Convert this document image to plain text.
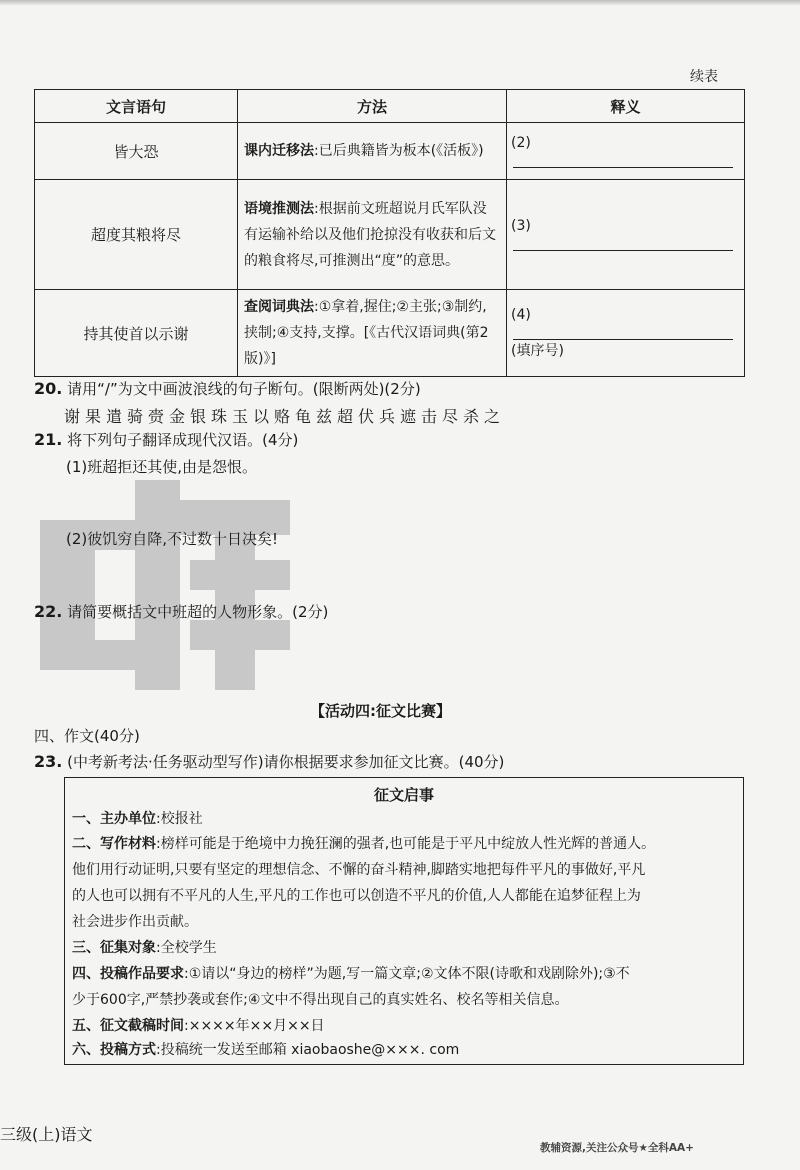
续表
文言语句	方法	释义
皆大恐	课内迁移法:已后典籍皆为板本(《活板》)	(2)
超度其粮将尽	语境推测法:根据前文班超说月氏军队没有运输补给以及他们抢掠没有收获和后文的粮食将尽,可推测出“度”的意思。	(3)
持其使首以示谢	查阅词典法:①拿着,握住;②主张;③制约,挟制;④支持,支撑。[《古代汉语词典(第2版)》]	(4)
(填序号)
20. 请用“/”为文中画波浪线的句子断句。(限断两处)(2分)
谢果遣骑赍金银珠玉以赂龟兹超伏兵遮击尽杀之
21. 将下列句子翻译成现代汉语。(4分)
(1)班超拒还其使,由是怨恨。
(2)彼饥穷自降,不过数十日决矣!
22. 请简要概括文中班超的人物形象。(2分)
【活动四:征文比赛】
四、作文(40分)
23. (中考新考法·任务驱动型写作)请你根据要求参加征文比赛。(40分)
征文启事
一、主办单位:校报社
二、写作材料:榜样可能是于绝境中力挽狂澜的强者,也可能是于平凡中绽放人性光辉的普通人。
他们用行动证明,只要有坚定的理想信念、不懈的奋斗精神,脚踏实地把每件平凡的事做好,平凡
的人也可以拥有不平凡的人生,平凡的工作也可以创造不平凡的价值,人人都能在追梦征程上为
社会进步作出贡献。
三、征集对象:全校学生
四、投稿作品要求:①请以“身边的榜样”为题,写一篇文章;②文体不限(诗歌和戏剧除外);③不
少于600字,严禁抄袭或套作;④文中不得出现自己的真实姓名、校名等相关信息。
五、征文截稿时间:××××年××月××日
六、投稿方式:投稿统一发送至邮箱 xiaobaoshe@×××. com
三级(上)语文
教辅资源,关注公众号★全科AA+
